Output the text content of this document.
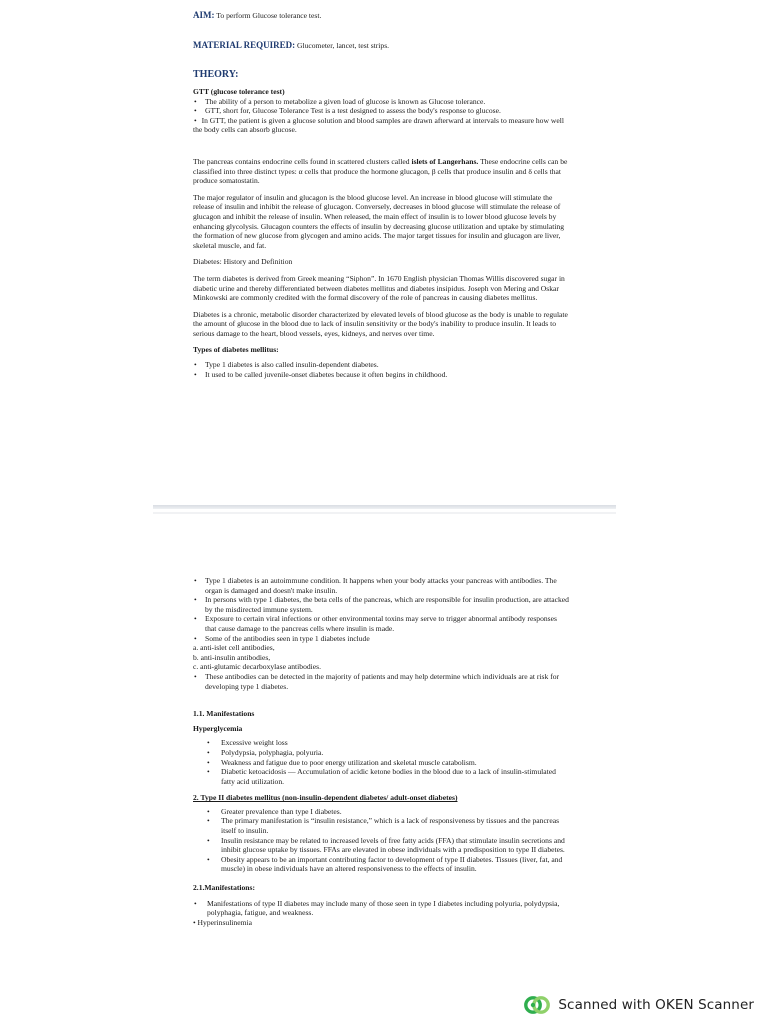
AIM: To perform Glucose tolerance test.

MATERIAL REQUIRED: Glucometer, lancet, test strips.

THEORY:

GTT (glucose tolerance test)

• The ability of a person to metabolize a given load of glucose is known as Glucose tolerance.
• GTT, short for, Glucose Tolerance Test is a test designed to assess the body's response to glucose.

• In GTT, the patient is given a glucose solution and blood samples are drawn afterward at intervals to measure how well the body cells can absorb glucose.

The pancreas contains endocrine cells found in scattered clusters called islets of Langerhans. These endocrine cells can be classified into three distinct types: α cells that produce the hormone glucagon, β cells that produce insulin and δ cells that produce somatostatin.

The major regulator of insulin and glucagon is the blood glucose level. An increase in blood glucose will stimulate the release of insulin and inhibit the release of glucagon. Conversely, decreases in blood glucose will stimulate the release of glucagon and inhibit the release of insulin. When released, the main effect of insulin is to lower blood glucose levels by enhancing glycolysis. Glucagon counters the effects of insulin by decreasing glucose utilization and uptake by stimulating the formation of new glucose from glycogen and amino acids. The major target tissues for insulin and glucagon are liver, skeletal muscle, and fat.

Diabetes: History and Definition

The term diabetes is derived from Greek meaning “Siphon”. In 1670 English physician Thomas Willis discovered sugar in diabetic urine and thereby differentiated between diabetes mellitus and diabetes insipidus. Joseph von Mering and Oskar Minkowski are commonly credited with the formal discovery of the role of pancreas in causing diabetes mellitus.

Diabetes is a chronic, metabolic disorder characterized by elevated levels of blood glucose as the body is unable to regulate the amount of glucose in the blood due to lack of insulin sensitivity or the body's inability to produce insulin. It leads to serious damage to the heart, blood vessels, eyes, kidneys, and nerves over time.

Types of diabetes mellitus:

• Type 1 diabetes is also called insulin-dependent diabetes.
• It used to be called juvenile-onset diabetes because it often begins in childhood.
• Type 1 diabetes is an autoimmune condition. It happens when your body attacks your pancreas with antibodies. The organ is damaged and doesn't make insulin.
• In persons with type 1 diabetes, the beta cells of the pancreas, which are responsible for insulin production, are attacked by the misdirected immune system.
• Exposure to certain viral infections or other environmental toxins may serve to trigger abnormal antibody responses that cause damage to the pancreas cells where insulin is made.
• Some of the antibodies seen in type 1 diabetes include
a. anti-islet cell antibodies,
b. anti-insulin antibodies,
c. anti-glutamic decarboxylase antibodies.
• These antibodies can be detected in the majority of patients and may help determine which individuals are at risk for developing type 1 diabetes.

1.1. Manifestations

Hyperglycemia

• Excessive weight loss
• Polydypsia, polyphagia, polyuria.
• Weakness and fatigue due to poor energy utilization and skeletal muscle catabolism.
• Diabetic ketoacidosis — Accumulation of acidic ketone bodies in the blood due to a lack of insulin-stimulated fatty acid utilization.

2. Type II diabetes mellitus (non-insulin-dependent diabetes/ adult-onset diabetes)

• Greater prevalence than type I diabetes.
• The primary manifestation is “insulin resistance,” which is a lack of responsiveness by tissues and the pancreas itself to insulin.
• Insulin resistance may be related to increased levels of free fatty acids (FFA) that stimulate insulin secretions and inhibit glucose uptake by tissues. FFAs are elevated in obese individuals with a predisposition to type II diabetes.
• Obesity appears to be an important contributing factor to development of type II diabetes. Tissues (liver, fat, and muscle) in obese individuals have an altered responsiveness to the effects of insulin.

2.1.Manifestations:

• Manifestations of type II diabetes may include many of those seen in type I diabetes including polyuria, polydypsia, polyphagia, fatigue, and weakness.

• Hyperinsulinemia

Scanned with OKEN Scanner
